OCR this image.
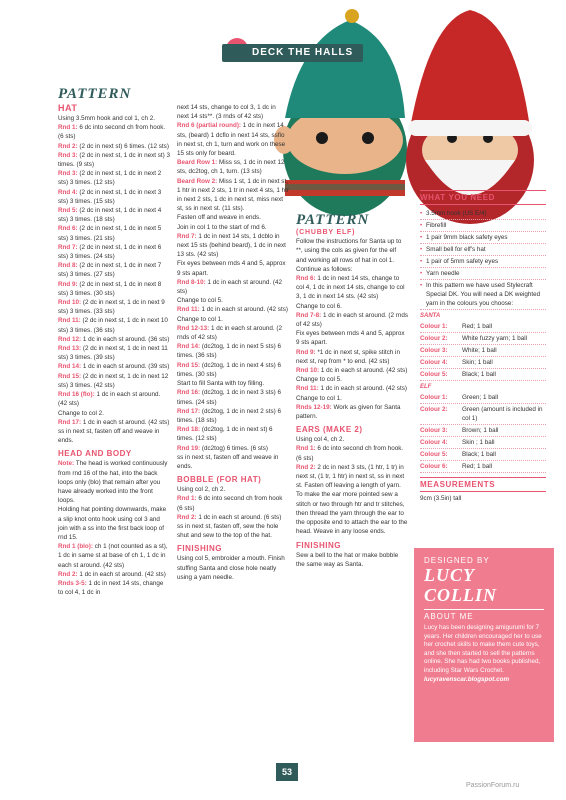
DECK THE HALLS
PATTERN
HAT

Using 3.5mm hook and col 1, ch 2.

Rnd 1: 6 dc into second ch from hook. (6 sts)

Rnd 2: (2 dc in next st) 6 times. (12 sts)

Rnd 3: (2 dc in next st, 1 dc in next st) 3 times. (9 sts)

Rnd 3: (2 dc in next st, 1 dc in next 2 sts) 3 times. (12 sts)

Rnd 4: (2 dc in next st, 1 dc in next 3 sts) 3 times. (15 sts)

Rnd 5: (2 dc in next st, 1 dc in next 4 sts) 3 times. (18 sts)

Rnd 6: (2 dc in next st, 1 dc in next 5 sts) 3 times. (21 sts)

Rnd 7: (2 dc in next st, 1 dc in next 6 sts) 3 times. (24 sts)

Rnd 8: (2 dc in next st, 1 dc in next 7 sts) 3 times. (27 sts)

Rnd 9: (2 dc in next st, 1 dc in next 8 sts) 3 times. (30 sts)

Rnd 10: (2 dc in next st, 1 dc in next 9 sts) 3 times. (33 sts)

Rnd 11: (2 dc in next st, 1 dc in next 10 sts) 3 times. (36 sts)

Rnd 12: 1 dc in each st around. (36 sts)

Rnd 13: (2 dc in next st, 1 dc in next 11 sts) 3 times. (39 sts)

Rnd 14: 1 dc in each st around. (39 sts)

Rnd 15: (2 dc in next st, 1 dc in next 12 sts) 3 times. (42 sts)

Rnd 16 (flo): 1 dc in each st around. (42 sts)

Change to col 2.

Rnd 17: 1 dc in each st around. (42 sts)

ss in next st, fasten off and weave in ends.

HEAD AND BODY

Note: The head is worked continuously from rnd 16 of the hat, into the back loops only (blo) that remain after you have already worked into the front loops.

Holding hat pointing downwards, make a slip knot onto hook using col 3 and join with a ss into the first back loop of rnd 15.

Rnd 1 (blo): ch 1 (not counted as a st), 1 dc in same st at base of ch 1, 1 dc in each st around. (42 sts)

Rnd 2: 1 dc in each st around. (42 sts)

Rnds 3-5: 1 dc in next 14 sts, change to col 4, 1 dc in

next 14 sts, change to col 3, 1 dc in next 14 sts**. (3 rnds of 42 sts)

Rnd 6 (partial round): 1 dc in next 14 sts, (beard) 1 dcflo in next 14 sts, ssflo in next st, ch 1, turn and work on these 15 sts only for beard.

Beard Row 1: Miss ss, 1 dc in next 12 sts, dc2tog, ch 1, turn. (13 sts)

Beard Row 2: Miss 1 st, 1 dc in next st, 1 htr in next 2 sts, 1 tr in next 4 sts, 1 htr in next 2 sts, 1 dc in next st, miss next st, ss in next st. (11 sts).

Fasten off and weave in ends.

Join in col 1 to the start of rnd 6.

Rnd 7: 1 dc in next 14 sts, 1 dcblo in next 15 sts (behind beard), 1 dc in next 13 sts. (42 sts)

Fix eyes between rnds 4 and 5, approx 9 sts apart.

Rnd 8-10: 1 dc in each st around. (42 sts)

Change to col 5.

Rnd 11: 1 dc in each st around. (42 sts)

Change to col 1.

Rnd 12-13: 1 dc in each st around. (2 rnds of 42 sts)

Rnd 14: (dc2tog, 1 dc in next 5 sts) 6 times. (36 sts)

Rnd 15: (dc2tog, 1 dc in next 4 sts) 6 times. (30 sts)

Start to fill Santa with toy filling.

Rnd 16: (dc2tog, 1 dc in next 3 sts) 6 times. (24 sts)

Rnd 17: (dc2tog, 1 dc in next 2 sts) 6 times. (18 sts)

Rnd 18: (dc2tog, 1 dc in next st) 6 times. (12 sts)

Rnd 19: (dc2tog) 6 times. (6 sts)

ss in next st, fasten off and weave in ends.

BOBBLE (FOR HAT)

Using col 2, ch 2.

Rnd 1: 6 dc into second ch from hook (6 sts)

Rnd 2: 1 dc in each st around. (6 sts)

ss in next st, fasten off, sew the hole shut and sew to the top of the hat.

FINISHING

Using col 5, embroider a mouth. Finish stuffing Santa and close hole neatly using a yarn needle.

PATTERN
(CHUBBY ELF)

Follow the instructions for Santa up to **, using the cols as given for the elf and working all rows of hat in col 1.

Continue as follows:

Rnd 6: 1 dc in next 14 sts, change to col 4, 1 dc in next 14 sts, change to col 3, 1 dc in next 14 sts. (42 sts)

Change to col 6.

Rnd 7-8: 1 dc in each st around. (2 rnds of 42 sts)

Fix eyes between rnds 4 and 5, approx 9 sts apart.

Rnd 9: *1 dc in next st, spike stitch in next st, rep from * to end. (42 sts)

Rnd 10: 1 dc in each st around. (42 sts)

Change to col 5.

Rnd 11: 1 dc in each st around. (42 sts)

Change to col 1.

Rnds 12-19: Work as given for Santa pattern.

EARS (MAKE 2)

Using col 4, ch 2.

Rnd 1: 6 dc into second ch from hook. (6 sts)

Rnd 2: 2 dc in next 3 sts, (1 htr, 1 tr) in next st, (1 tr, 1 htr) in next st, ss in next st. Fasten off leaving a length of yarn.

To make the ear more pointed sew a stitch or two through htr and tr stitches, then thread the yarn through the ear to the opposite end to attach the ear to the head. Weave in any loose ends.

FINISHING

Sew a bell to the hat or make bobble the same way as Santa.

WHAT YOU NEED
• 3.5mm hook (US E/4)
• Fibrefill
• 1 pair 9mm black safety eyes
• Small bell for elf's hat
• 1 pair of 5mm safety eyes
• Yarn needle
• In this pattern we have used Stylecraft Special DK. You will need a DK weighted yarn in the colours you choose:
SANTA
Colour 1:	Red; 1 ball
Colour 2:	White fuzzy yarn; 1 ball
Colour 3:	White; 1 ball
Colour 4:	Skin; 1 ball
Colour 5:	Black; 1 ball
ELF
Colour 1:	Green; 1 ball
Colour 2:	Green (amount is included in col 1)
Colour 3:	Brown; 1 ball
Colour 4:	Skin ; 1 ball
Colour 5:	Black; 1 ball
Colour 6:	Red; 1 ball
MEASUREMENTS
9cm (3.5in) tall
DESIGNED BY
LUCY
COLLIN
ABOUT ME
Lucy has been designing amigurumi for 7 years. Her children encouraged her to use her crochet skills to make them cute toys, and she then started to sell the patterns online. She has had two books published, including Star Wars Crochet.
lucyravenscar.blogspot.com
53
PassionForum.ru
